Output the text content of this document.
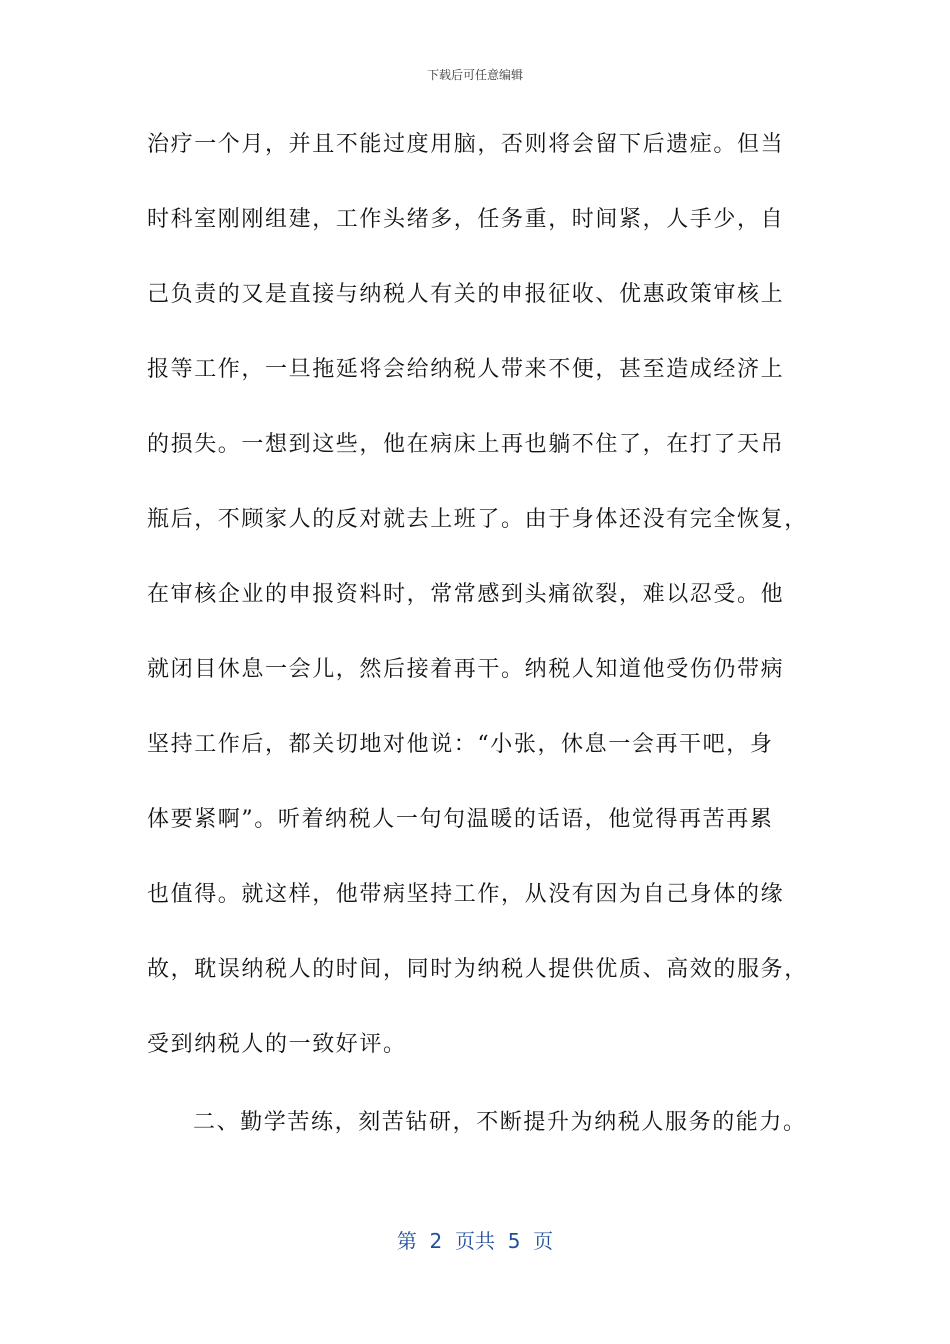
下载后可任意编辑
治疗一个月，并且不能过度用脑，否则将会留下后遗症。但当
时科室刚刚组建，工作头绪多，任务重，时间紧，人手少，自
己负责的又是直接与纳税人有关的申报征收、优惠政策审核上
报等工作，一旦拖延将会给纳税人带来不便，甚至造成经济上
的损失。一想到这些，他在病床上再也躺不住了，在打了天吊
瓶后，不顾家人的反对就去上班了。由于身体还没有完全恢复，
在审核企业的申报资料时，常常感到头痛欲裂，难以忍受。他
就闭目休息一会儿，然后接着再干。纳税人知道他受伤仍带病
坚持工作后，都关切地对他说：“小张，休息一会再干吧，身
体要紧啊”。听着纳税人一句句温暖的话语，他觉得再苦再累
也值得。就这样，他带病坚持工作，从没有因为自己身体的缘
故，耽误纳税人的时间，同时为纳税人提供优质、高效的服务，
受到纳税人的一致好评。
二、勤学苦练，刻苦钻研，不断提升为纳税人服务的能力。
第  2  页共  5  页
